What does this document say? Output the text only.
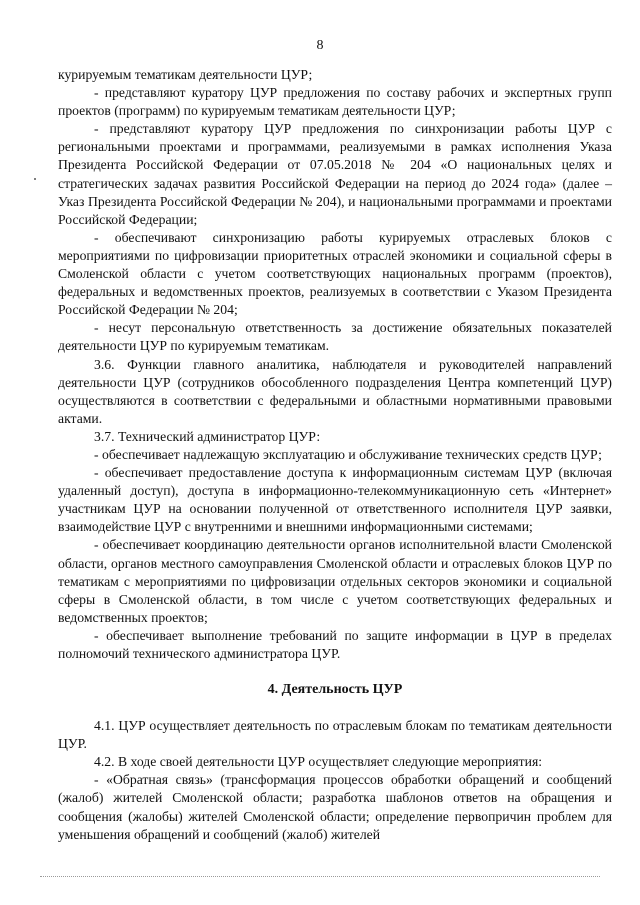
8

курируемым тематикам деятельности ЦУР;

- представляют куратору ЦУР предложения по составу рабочих и экспертных групп проектов (программ) по курируемым тематикам деятельности ЦУР;

- представляют куратору ЦУР предложения по синхронизации работы ЦУР с региональными проектами и программами, реализуемыми в рамках исполнения Указа Президента Российской Федерации от 07.05.2018 № 204 «О национальных целях и стратегических задачах развития Российской Федерации на период до 2024 года» (далее – Указ Президента Российской Федерации № 204), и национальными программами и проектами Российской Федерации;

- обеспечивают синхронизацию работы курируемых отраслевых блоков с мероприятиями по цифровизации приоритетных отраслей экономики и социальной сферы в Смоленской области с учетом соответствующих национальных программ (проектов), федеральных и ведомственных проектов, реализуемых в соответствии с Указом Президента Российской Федерации № 204;

- несут персональную ответственность за достижение обязательных показателей деятельности ЦУР по курируемым тематикам.

3.6. Функции главного аналитика, наблюдателя и руководителей направлений деятельности ЦУР (сотрудников обособленного подразделения Центра компетенций ЦУР) осуществляются в соответствии с федеральными и областными нормативными правовыми актами.

3.7. Технический администратор ЦУР:

- обеспечивает надлежащую эксплуатацию и обслуживание технических средств ЦУР;

- обеспечивает предоставление доступа к информационным системам ЦУР (включая удаленный доступ), доступа в информационно-телекоммуникационную сеть «Интернет» участникам ЦУР на основании полученной от ответственного исполнителя ЦУР заявки, взаимодействие ЦУР с внутренними и внешними информационными системами;

- обеспечивает координацию деятельности органов исполнительной власти Смоленской области, органов местного самоуправления Смоленской области и отраслевых блоков ЦУР по тематикам с мероприятиями по цифровизации отдельных секторов экономики и социальной сферы в Смоленской области, в том числе с учетом соответствующих федеральных и ведомственных проектов;

- обеспечивает выполнение требований по защите информации в ЦУР в пределах полномочий технического администратора ЦУР.

4. Деятельность ЦУР

4.1. ЦУР осуществляет деятельность по отраслевым блокам по тематикам деятельности ЦУР.

4.2. В ходе своей деятельности ЦУР осуществляет следующие мероприятия:

- «Обратная связь» (трансформация процессов обработки обращений и сообщений (жалоб) жителей Смоленской области; разработка шаблонов ответов на обращения и сообщения (жалобы) жителей Смоленской области; определение первопричин проблем для уменьшения обращений и сообщений (жалоб) жителей
